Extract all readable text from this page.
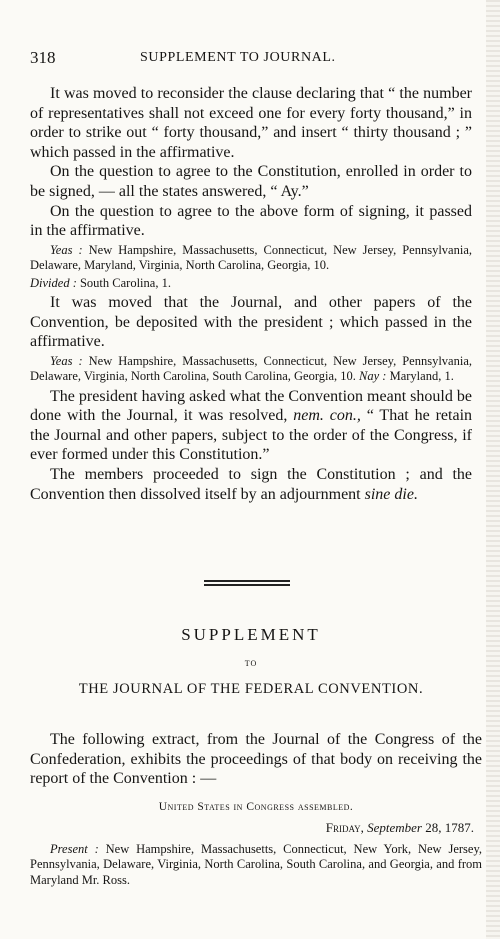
318	SUPPLEMENT TO JOURNAL.

It was moved to reconsider the clause declaring that “ the number of representatives shall not exceed one for every forty thousand,” in order to strike out “ forty thousand,” and insert “ thirty thousand ; ” which passed in the affirmative.

On the question to agree to the Constitution, enrolled in order to be signed, — all the states answered, “ Ay.”

On the question to agree to the above form of signing, it passed in the affirmative.

Yeas : New Hampshire, Massachusetts, Connecticut, New Jersey, Pennsylvania, Delaware, Maryland, Virginia, North Carolina, Georgia, 10.

Divided : South Carolina, 1.

It was moved that the Journal, and other papers of the Convention, be deposited with the president ; which passed in the affirmative.

Yeas : New Hampshire, Massachusetts, Connecticut, New Jersey, Pennsylvania, Delaware, Virginia, North Carolina, South Carolina, Georgia, 10. Nay : Maryland, 1.

The president having asked what the Convention meant should be done with the Journal, it was resolved, nem. con., “ That he retain the Journal and other papers, subject to the order of the Congress, if ever formed under this Constitution.”

The members proceeded to sign the Constitution ; and the Convention then dissolved itself by an adjournment sine die.

SUPPLEMENT
TO
THE JOURNAL OF THE FEDERAL CONVENTION.

The following extract, from the Journal of the Congress of the Confederation, exhibits the proceedings of that body on receiving the report of the Convention : —

United States in Congress assembled.
Friday, September 28, 1787.

Present : New Hampshire, Massachusetts, Connecticut, New York, New Jersey, Pennsylvania, Delaware, Virginia, North Carolina, South Carolina, and Georgia, and from Maryland Mr. Ross.
